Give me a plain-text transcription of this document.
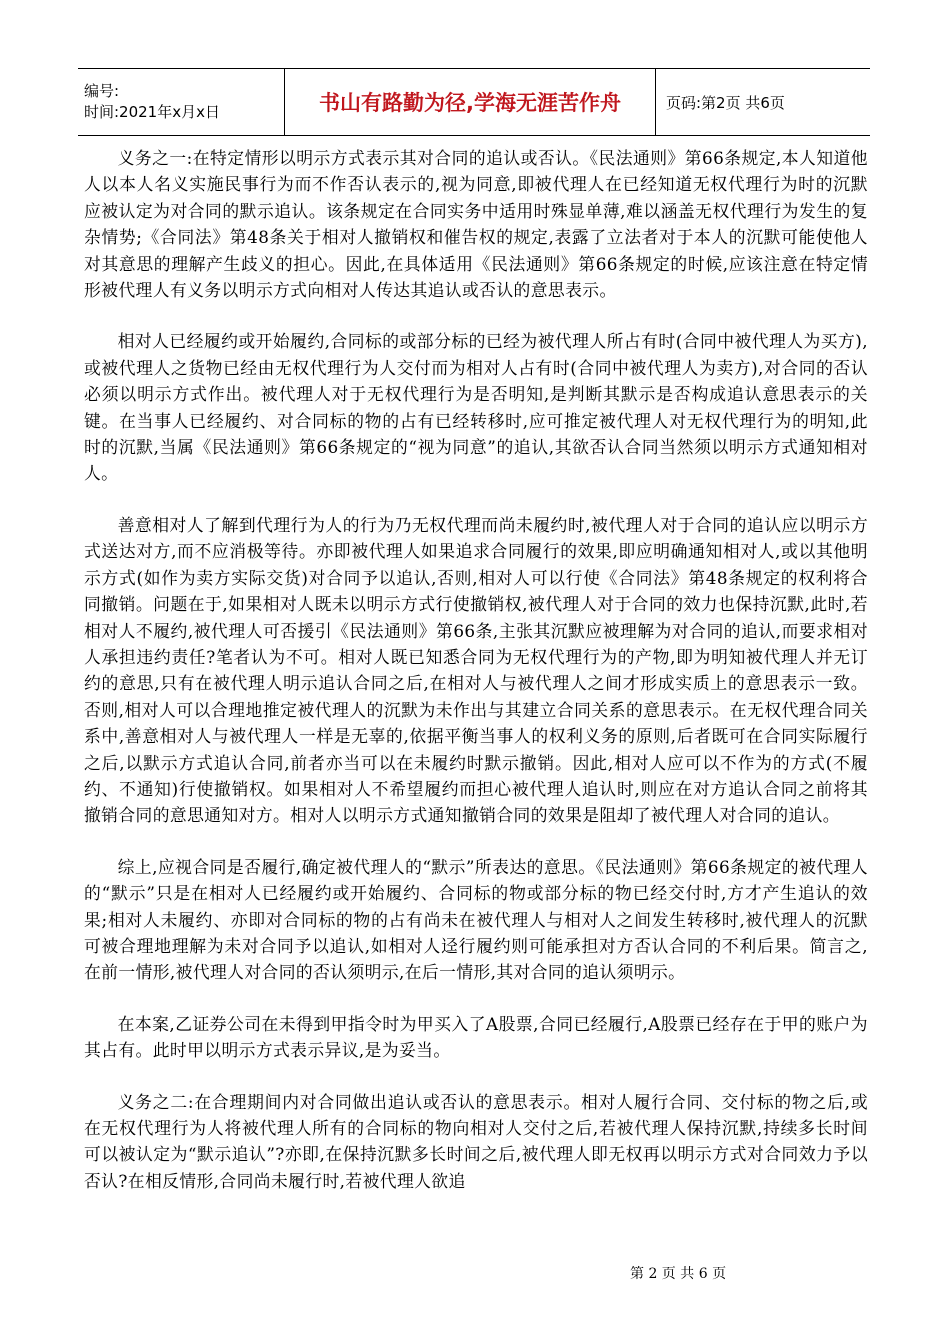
编号:
时间:2021年x月x日	书山有路勤为径,学海无涯苦作舟	页码:第2页 共6页

义务之一:在特定情形以明示方式表示其对合同的追认或否认。《民法通则》第66条规定,本人知道他人以本人名义实施民事行为而不作否认表示的,视为同意,即被代理人在已经知道无权代理行为时的沉默应被认定为对合同的默示追认。该条规定在合同实务中适用时殊显单薄,难以涵盖无权代理行为发生的复杂情势;《合同法》第48条关于相对人撤销权和催告权的规定,表露了立法者对于本人的沉默可能使他人对其意思的理解产生歧义的担心。因此,在具体适用《民法通则》第66条规定的时候,应该注意在特定情形被代理人有义务以明示方式向相对人传达其追认或否认的意思表示。

相对人已经履约或开始履约,合同标的或部分标的已经为被代理人所占有时(合同中被代理人为买方),或被代理人之货物已经由无权代理行为人交付而为相对人占有时(合同中被代理人为卖方),对合同的否认必须以明示方式作出。被代理人对于无权代理行为是否明知,是判断其默示是否构成追认意思表示的关键。在当事人已经履约、对合同标的物的占有已经转移时,应可推定被代理人对无权代理行为的明知,此时的沉默,当属《民法通则》第66条规定的“视为同意”的追认,其欲否认合同当然须以明示方式通知相对人。

善意相对人了解到代理行为人的行为乃无权代理而尚未履约时,被代理人对于合同的追认应以明示方式送达对方,而不应消极等待。亦即被代理人如果追求合同履行的效果,即应明确通知相对人,或以其他明示方式(如作为卖方实际交货)对合同予以追认,否则,相对人可以行使《合同法》第48条规定的权利将合同撤销。问题在于,如果相对人既未以明示方式行使撤销权,被代理人对于合同的效力也保持沉默,此时,若相对人不履约,被代理人可否援引《民法通则》第66条,主张其沉默应被理解为对合同的追认,而要求相对人承担违约责任?笔者认为不可。相对人既已知悉合同为无权代理行为的产物,即为明知被代理人并无订约的意思,只有在被代理人明示追认合同之后,在相对人与被代理人之间才形成实质上的意思表示一致。否则,相对人可以合理地推定被代理人的沉默为未作出与其建立合同关系的意思表示。在无权代理合同关系中,善意相对人与被代理人一样是无辜的,依据平衡当事人的权利义务的原则,后者既可在合同实际履行之后,以默示方式追认合同,前者亦当可以在未履约时默示撤销。因此,相对人应可以不作为的方式(不履约、不通知)行使撤销权。如果相对人不希望履约而担心被代理人追认时,则应在对方追认合同之前将其撤销合同的意思通知对方。相对人以明示方式通知撤销合同的效果是阻却了被代理人对合同的追认。

综上,应视合同是否履行,确定被代理人的“默示”所表达的意思。《民法通则》第66条规定的被代理人的“默示”只是在相对人已经履约或开始履约、合同标的物或部分标的物已经交付时,方才产生追认的效果;相对人未履约、亦即对合同标的物的占有尚未在被代理人与相对人之间发生转移时,被代理人的沉默可被合理地理解为未对合同予以追认,如相对人迳行履约则可能承担对方否认合同的不利后果。简言之,在前一情形,被代理人对合同的否认须明示,在后一情形,其对合同的追认须明示。

在本案,乙证券公司在未得到甲指令时为甲买入了A股票,合同已经履行,A股票已经存在于甲的账户为其占有。此时甲以明示方式表示异议,是为妥当。

义务之二:在合理期间内对合同做出追认或否认的意思表示。相对人履行合同、交付标的物之后,或在无权代理行为人将被代理人所有的合同标的物向相对人交付之后,若被代理人保持沉默,持续多长时间可以被认定为“默示追认”?亦即,在保持沉默多长时间之后,被代理人即无权再以明示方式对合同效力予以否认?在相反情形,合同尚未履行时,若被代理人欲追

第 2 页 共 6 页
